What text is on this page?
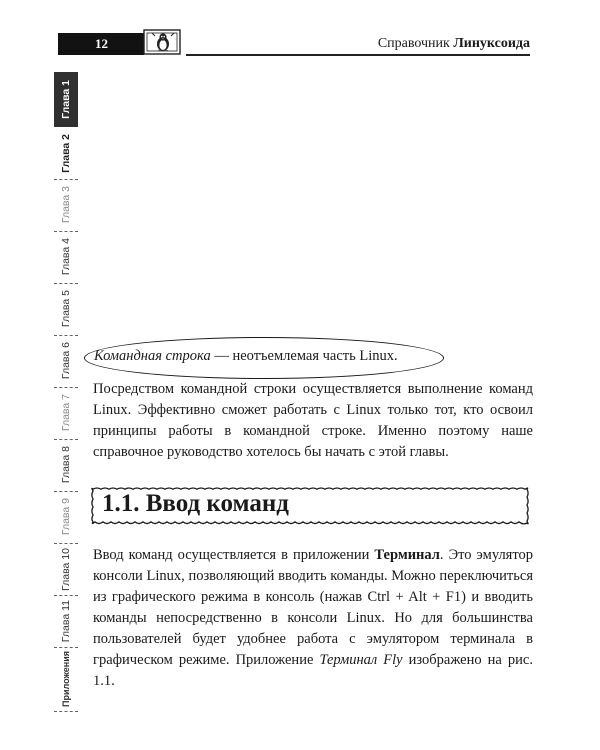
12	Справочник Линуксоида
Глава 1
Глава 2
Глава 3
Глава 4
Глава 5
Глава 6
Глава 7
Глава 8
Глава 9
Глава 10
Глава 11
Приложения
Командная строка — неотъемлемая часть Linux.

Посредством командной строки осуществляется выполнение команд Linux. Эффективно сможет работать с Linux только тот, кто освоил принципы работы в командной строке. Именно поэтому наше справочное руководство хотелось бы начать с этой главы.

1.1. Ввод команд

Ввод команд осуществляется в приложении Терминал. Это эмулятор консоли Linux, позволяющий вводить команды. Можно переключиться из графического режима в консоль (нажав Ctrl + Alt + F1) и вводить команды непосредственно в консоли Linux. Но для большинства пользователей будет удобнее работа с эмулятором терминала в графическом режиме. Приложение Терминал Fly изображено на рис. 1.1.
